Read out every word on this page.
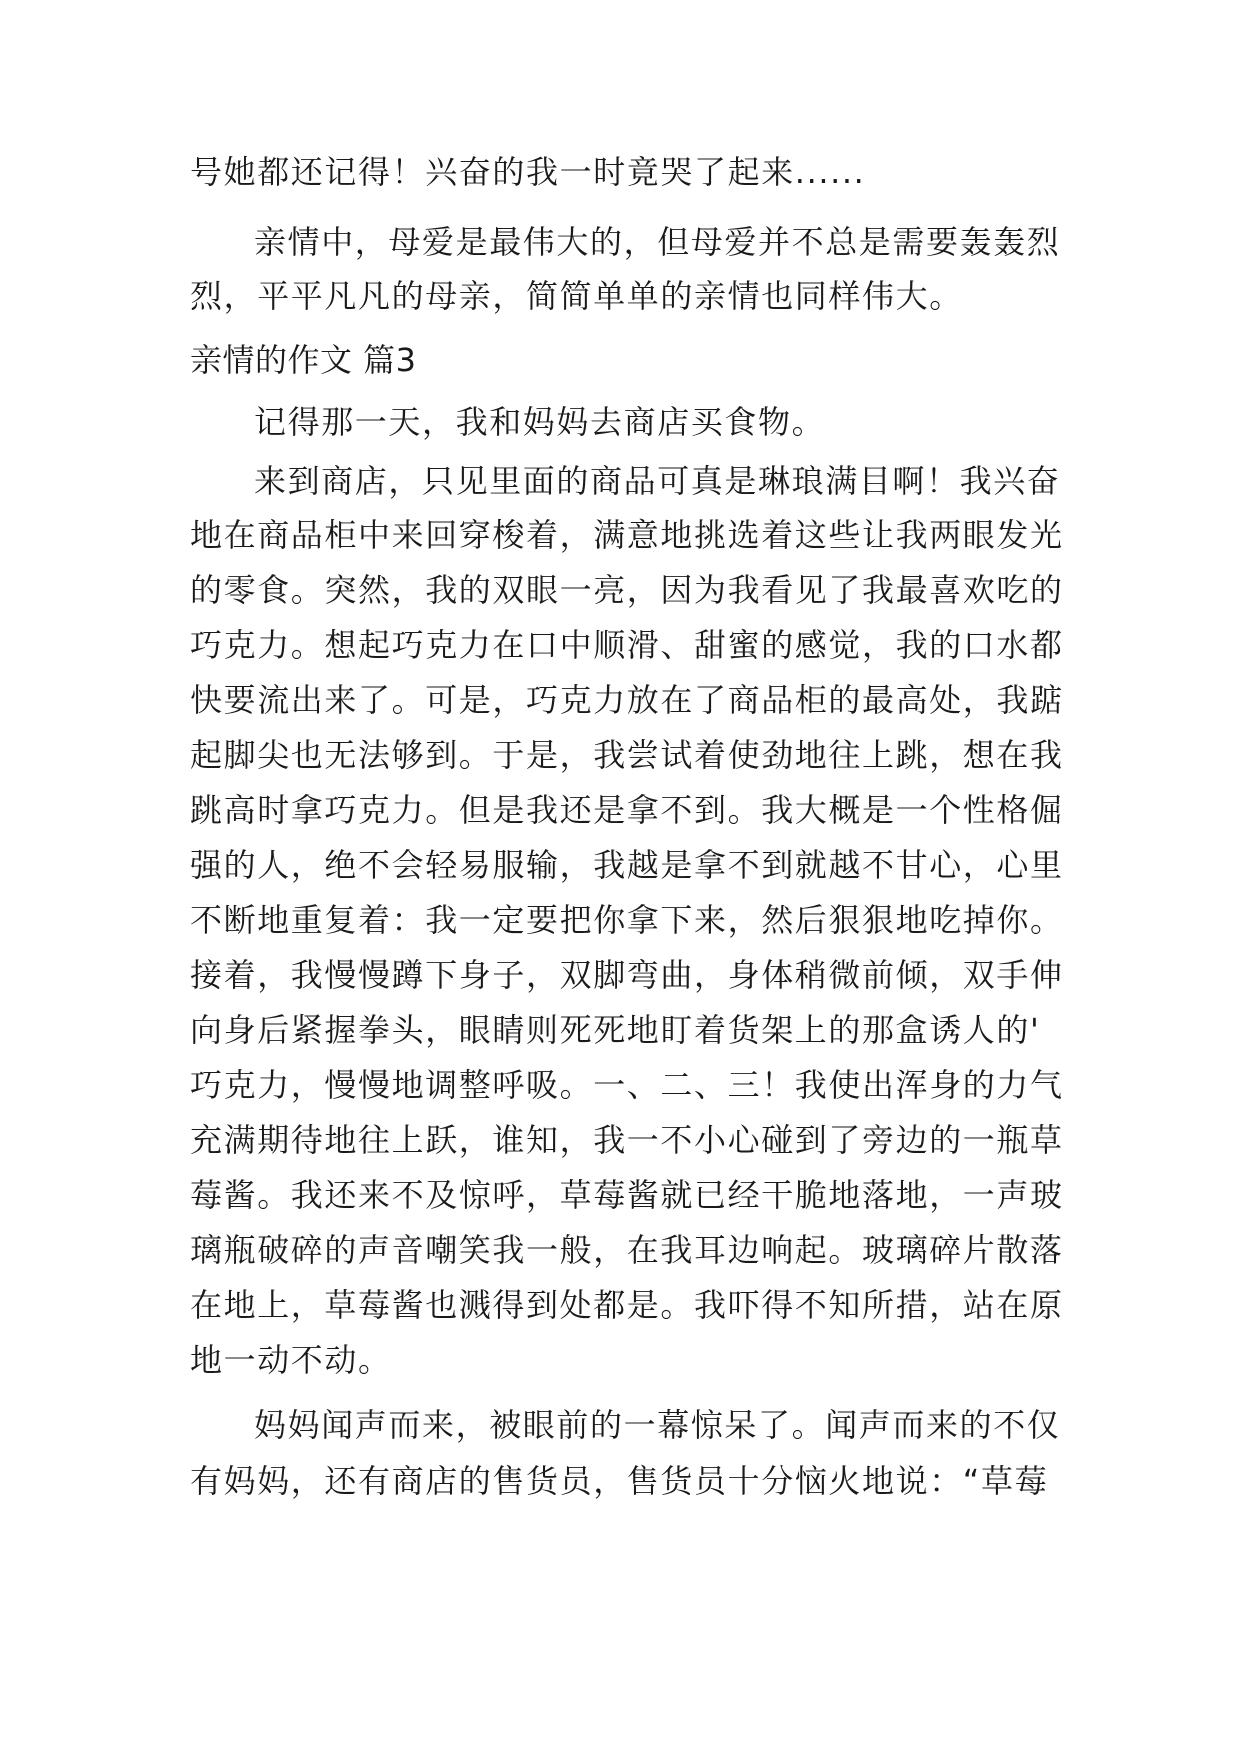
号她都还记得！兴奋的我一时竟哭了起来......
亲情中，母爱是最伟大的，但母爱并不总是需要轰轰烈
烈，平平凡凡的母亲，简简单单的亲情也同样伟大。
亲情的作文 篇3
记得那一天，我和妈妈去商店买食物。
来到商店，只见里面的商品可真是琳琅满目啊！我兴奋
地在商品柜中来回穿梭着，满意地挑选着这些让我两眼发光
的零食。突然，我的双眼一亮，因为我看见了我最喜欢吃的
巧克力。想起巧克力在口中顺滑、甜蜜的感觉，我的口水都
快要流出来了。可是，巧克力放在了商品柜的最高处，我踮
起脚尖也无法够到。于是，我尝试着使劲地往上跳，想在我
跳高时拿巧克力。但是我还是拿不到。我大概是一个性格倔
强的人，绝不会轻易服输，我越是拿不到就越不甘心，心里
不断地重复着：我一定要把你拿下来，然后狠狠地吃掉你。
接着，我慢慢蹲下身子，双脚弯曲，身体稍微前倾，双手伸
向身后紧握拳头，眼睛则死死地盯着货架上的那盒诱人的'
巧克力，慢慢地调整呼吸。一、二、三！我使出浑身的力气
充满期待地往上跃，谁知，我一不小心碰到了旁边的一瓶草
莓酱。我还来不及惊呼，草莓酱就已经干脆地落地，一声玻
璃瓶破碎的声音嘲笑我一般，在我耳边响起。玻璃碎片散落
在地上，草莓酱也溅得到处都是。我吓得不知所措，站在原
地一动不动。
妈妈闻声而来，被眼前的一幕惊呆了。闻声而来的不仅
有妈妈，还有商店的售货员，售货员十分恼火地说：“草莓
